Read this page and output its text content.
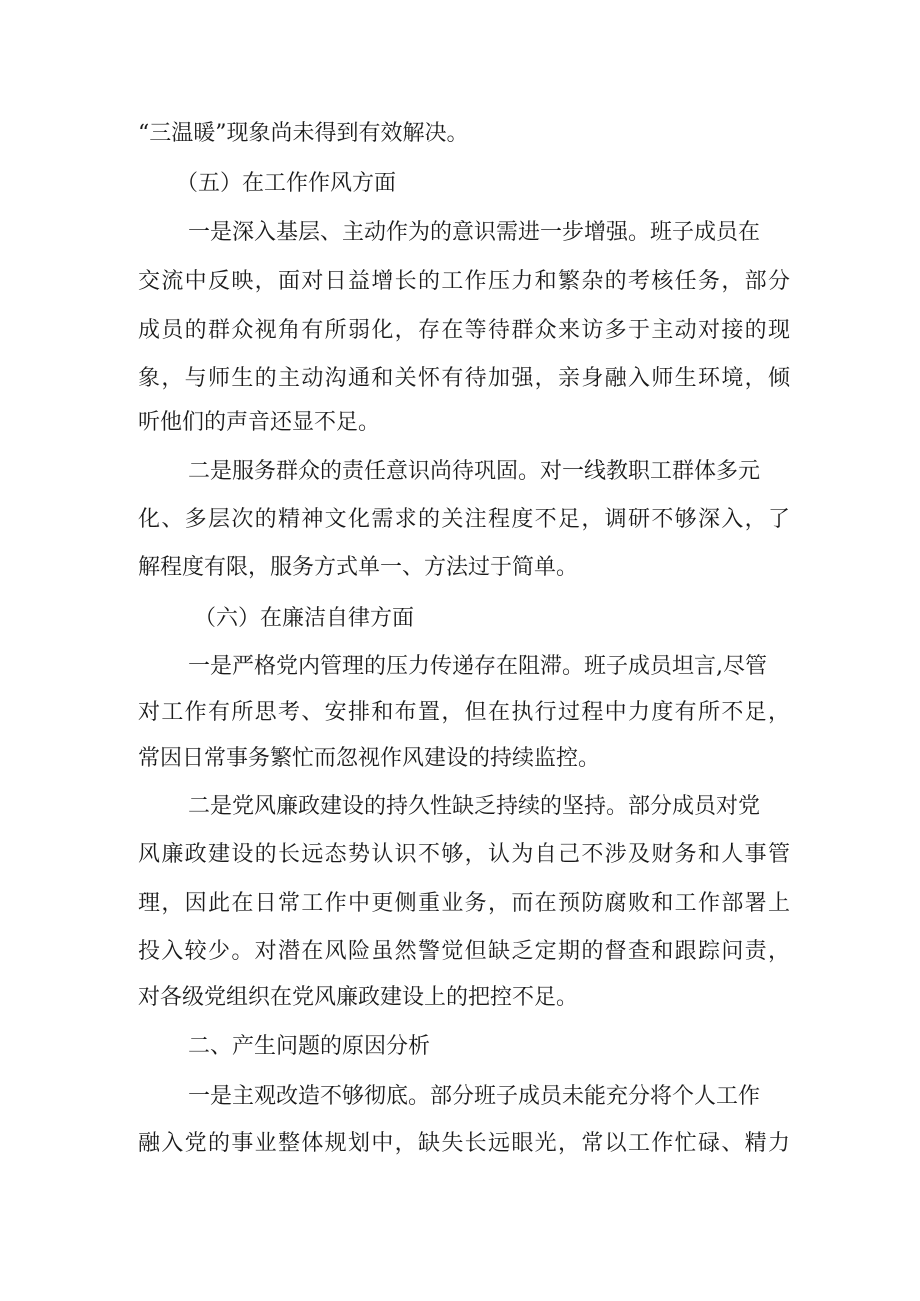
“三温暖”现象尚未得到有效解决。

（五）在工作作风方面

一是深入基层、主动作为的意识需进一步增强。班子成员在

交流中反映，面对日益增长的工作压力和繁杂的考核任务，部分

成员的群众视角有所弱化，存在等待群众来访多于主动对接的现

象，与师生的主动沟通和关怀有待加强，亲身融入师生环境，倾

听他们的声音还显不足。

二是服务群众的责任意识尚待巩固。对一线教职工群体多元

化、多层次的精神文化需求的关注程度不足，调研不够深入，了

解程度有限，服务方式单一、方法过于简单。

（六）在廉洁自律方面

一是严格党内管理的压力传递存在阻滞。班子成员坦言,尽管

对工作有所思考、安排和布置，但在执行过程中力度有所不足，

常因日常事务繁忙而忽视作风建设的持续监控。

二是党风廉政建设的持久性缺乏持续的坚持。部分成员对党

风廉政建设的长远态势认识不够，认为自己不涉及财务和人事管

理，因此在日常工作中更侧重业务，而在预防腐败和工作部署上

投入较少。对潜在风险虽然警觉但缺乏定期的督查和跟踪问责，

对各级党组织在党风廉政建设上的把控不足。

二、产生问题的原因分析

一是主观改造不够彻底。部分班子成员未能充分将个人工作

融入党的事业整体规划中，缺失长远眼光，常以工作忙碌、精力
